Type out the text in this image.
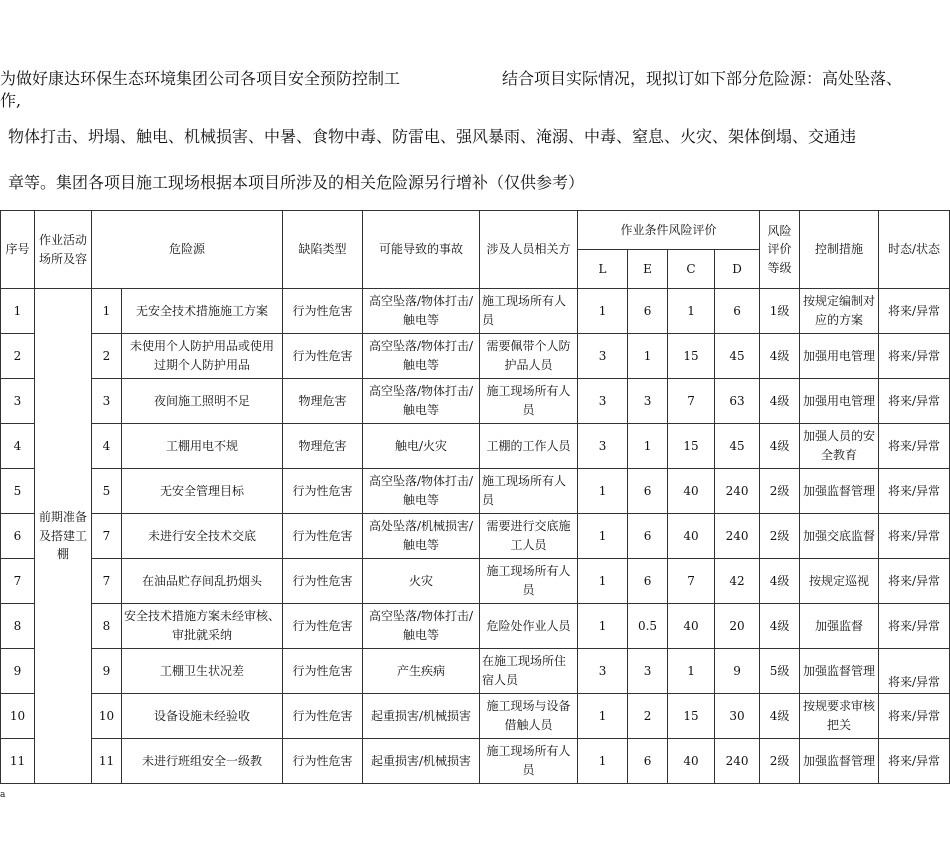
为做好康达环保生态环境集团公司各项目安全预防控制工	结合项目实际情况，现拟订如下部分危险源：高处坠落、
作,
物体打击、坍塌、触电、机械损害、中暑、食物中毒、防雷电、强风暴雨、淹溺、中毒、窒息、火灾、架体倒塌、交通违
章等。集团各项目施工现场根据本项目所涉及的相关危险源另行增补（仅供参考）
序号	作业活动场所及容	危险源		缺陷类型	可能导致的事故	涉及人员相关方	作业条件风险评价				风险评价等级	控制措施	时态/状态
							L	E	C	D			
1	前期准备及搭建工棚	1	无安全技术措施施工方案	行为性危害	高空坠落/物体打击/ 触电等	施工现场所有人员	1	6	1	6	1级	按规定编制对 应的方案	将来/异常
2		2	未使用个人防护用品或使用 过期个人防护用品	行为性危害	高空坠落/物体打击/ 触电等	需要佩带个人防护品人员	3	1	15	45	4级	加强用电管理	将来/异常
3		3	夜间施工照明不足	物理危害	高空坠落/物体打击/ 触电等	施工现场所有人员	3	3	7	63	4级	加强用电管理	将来/异常
4		4	工棚用电不规	物理危害	触电/火灾	工棚的工作人员	3	1	15	45	4级	加强人员的安 全教育	将来/异常
5		5	无安全管理目标	行为性危害	高空坠落/物体打击/ 触电等	施工现场所有人员	1	6	40	240	2级	加强监督管理	将来/异常
6		7	未进行安全技术交底	行为性危害	高处坠落/机械损害/ 触电等	需要进行交底施工人员	1	6	40	240	2级	加强交底监督	将来/异常
7		7	在油品贮存间乱扔烟头	行为性危害	火灾	施工现场所有人员	1	6	7	42	4级	按规定巡视	将来/异常
8		8	安全技术措施方案未经审核、审批就采纳	行为性危害	高空坠落/物体打击/ 触电等	危险处作业人员	1	0.5	40	20	4级	加强监督	将来/异常
9		9	工棚卫生状况差	行为性危害	产生疾病	在施工现场所住宿人员	3	3	1	9	5级	加强监督管理	将来/异常
10		10	设备设施未经验收	行为性危害	起重损害/机械损害	施工现场与设备借触人员	1	2	15	30	4级	按规要求审核 把关	将来/异常
11		11	未进行班组安全一级教	行为性危害	起重损害/机械损害	施工现场所有人员	1	6	40	240	2级	加强监督管理	将来/异常
a
